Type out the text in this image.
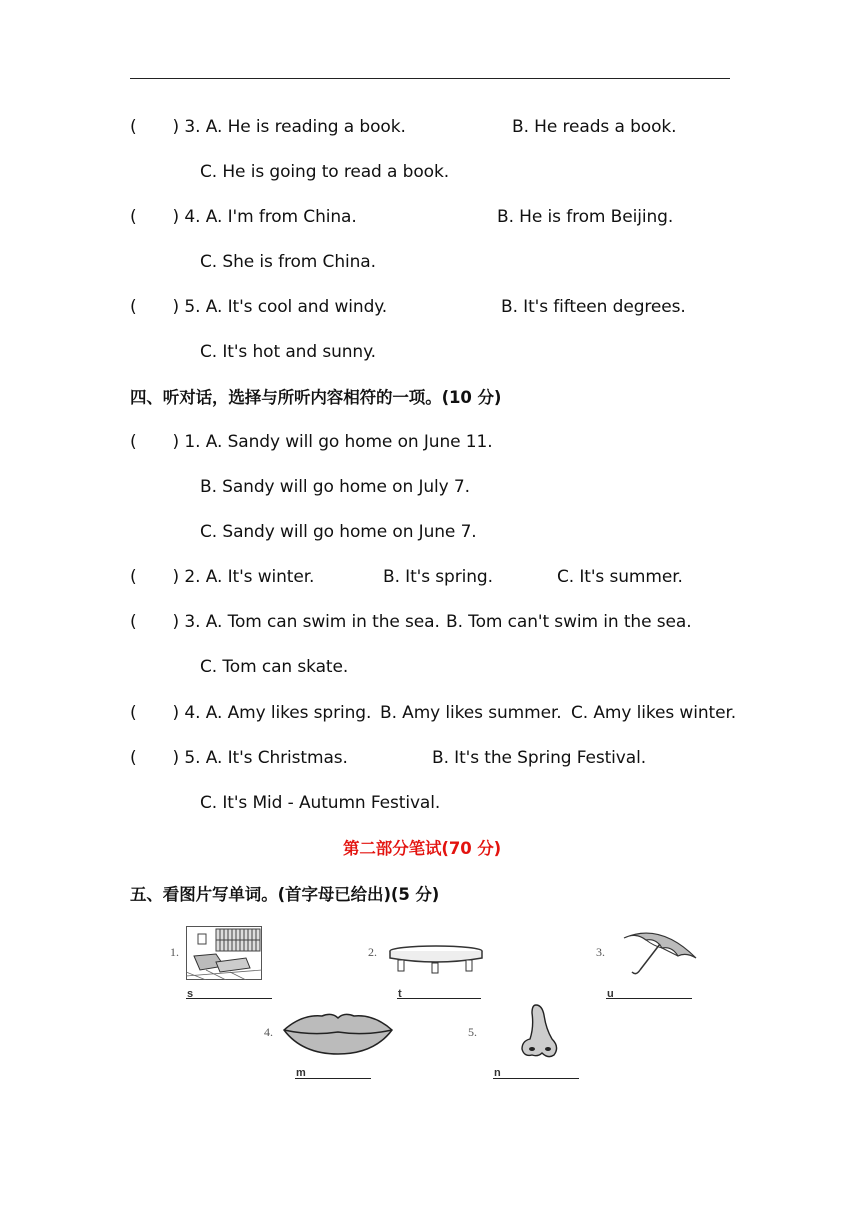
( ) 3. A. He is reading a book.	B. He reads a book.
C. He is going to read a book.
( ) 4. A. I'm from China.	B. He is from Beijing.
C. She is from China.
( ) 5. A. It's cool and windy.	B. It's fifteen degrees.
C. It's hot and sunny.
四、听对话，选择与所听内容相符的一项。(10 分)
( ) 1. A. Sandy will go home on June 11.
B. Sandy will go home on July 7.
C. Sandy will go home on June 7.
( ) 2. A. It's winter.	B. It's spring.	C. It's summer.
( ) 3. A. Tom can swim in the sea. B. Tom can't swim in the sea.
C. Tom can skate.
( ) 4. A. Amy likes spring. B. Amy likes summer. C. Amy likes winter.
( ) 5. A. It's Christmas.	B. It's the Spring Festival.
C. It's Mid - Autumn Festival.
第二部分笔试(70 分)
五、看图片写单词。(首字母已给出)(5 分)
1.
s
2.
t
3.
u
4.
m
5.
n
